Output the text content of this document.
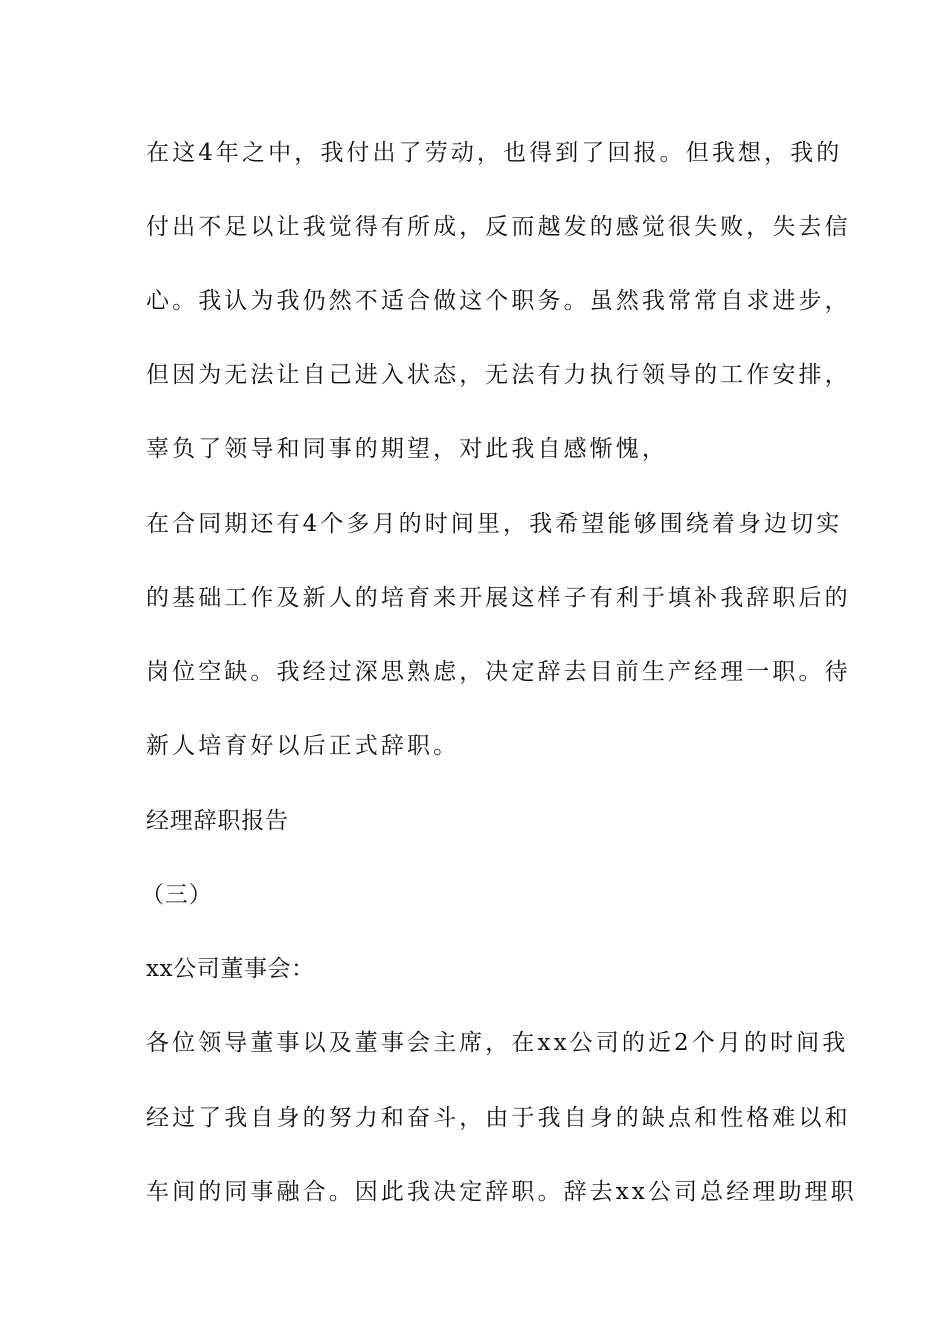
在这4年之中，我付出了劳动，也得到了回报。但我想，我的
付出不足以让我觉得有所成，反而越发的感觉很失败，失去信
心。我认为我仍然不适合做这个职务。虽然我常常自求进步，
但因为无法让自己进入状态，无法有力执行领导的工作安排，
辜负了领导和同事的期望，对此我自感惭愧，
在合同期还有4个多月的时间里，我希望能够围绕着身边切实
的基础工作及新人的培育来开展这样子有利于填补我辞职后的
岗位空缺。我经过深思熟虑，决定辞去目前生产经理一职。待
新人培育好以后正式辞职。
经理辞职报告
（三）
xx公司董事会：
各位领导董事以及董事会主席，在xx公司的近2个月的时间我
经过了我自身的努力和奋斗，由于我自身的缺点和性格难以和
车间的同事融合。因此我决定辞职。辞去xx公司总经理助理职
